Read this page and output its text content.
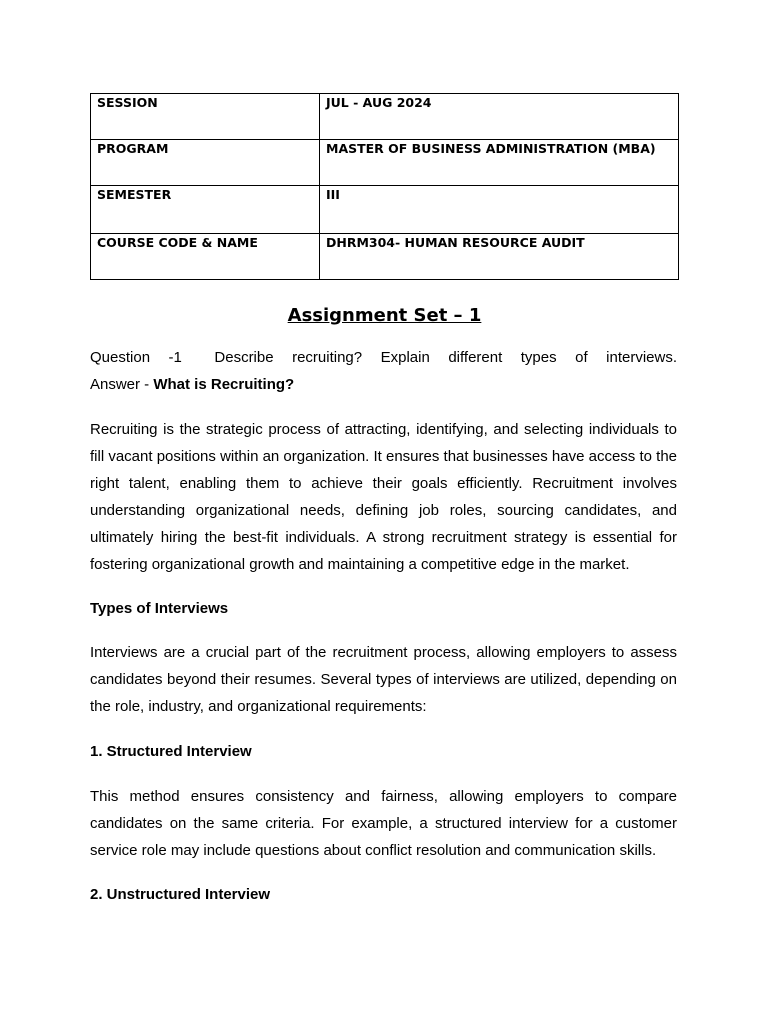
SESSION	JUL - AUG 2024
PROGRAM	MASTER OF BUSINESS ADMINISTRATION (MBA)
SEMESTER	III
COURSE CODE & NAME	DHRM304- HUMAN RESOURCE AUDIT
Assignment Set – 1
Question -1 Describe recruiting? Explain different types of interviews.
Answer - What is Recruiting?

Recruiting is the strategic process of attracting, identifying, and selecting individuals to fill vacant positions within an organization. It ensures that businesses have access to the right talent, enabling them to achieve their goals efficiently. Recruitment involves understanding organizational needs, defining job roles, sourcing candidates, and ultimately hiring the best-fit individuals. A strong recruitment strategy is essential for fostering organizational growth and maintaining a competitive edge in the market.

Types of Interviews

Interviews are a crucial part of the recruitment process, allowing employers to assess candidates beyond their resumes. Several types of interviews are utilized, depending on the role, industry, and organizational requirements:

1. Structured Interview

This method ensures consistency and fairness, allowing employers to compare candidates on the same criteria. For example, a structured interview for a customer service role may include questions about conflict resolution and communication skills.

2. Unstructured Interview
